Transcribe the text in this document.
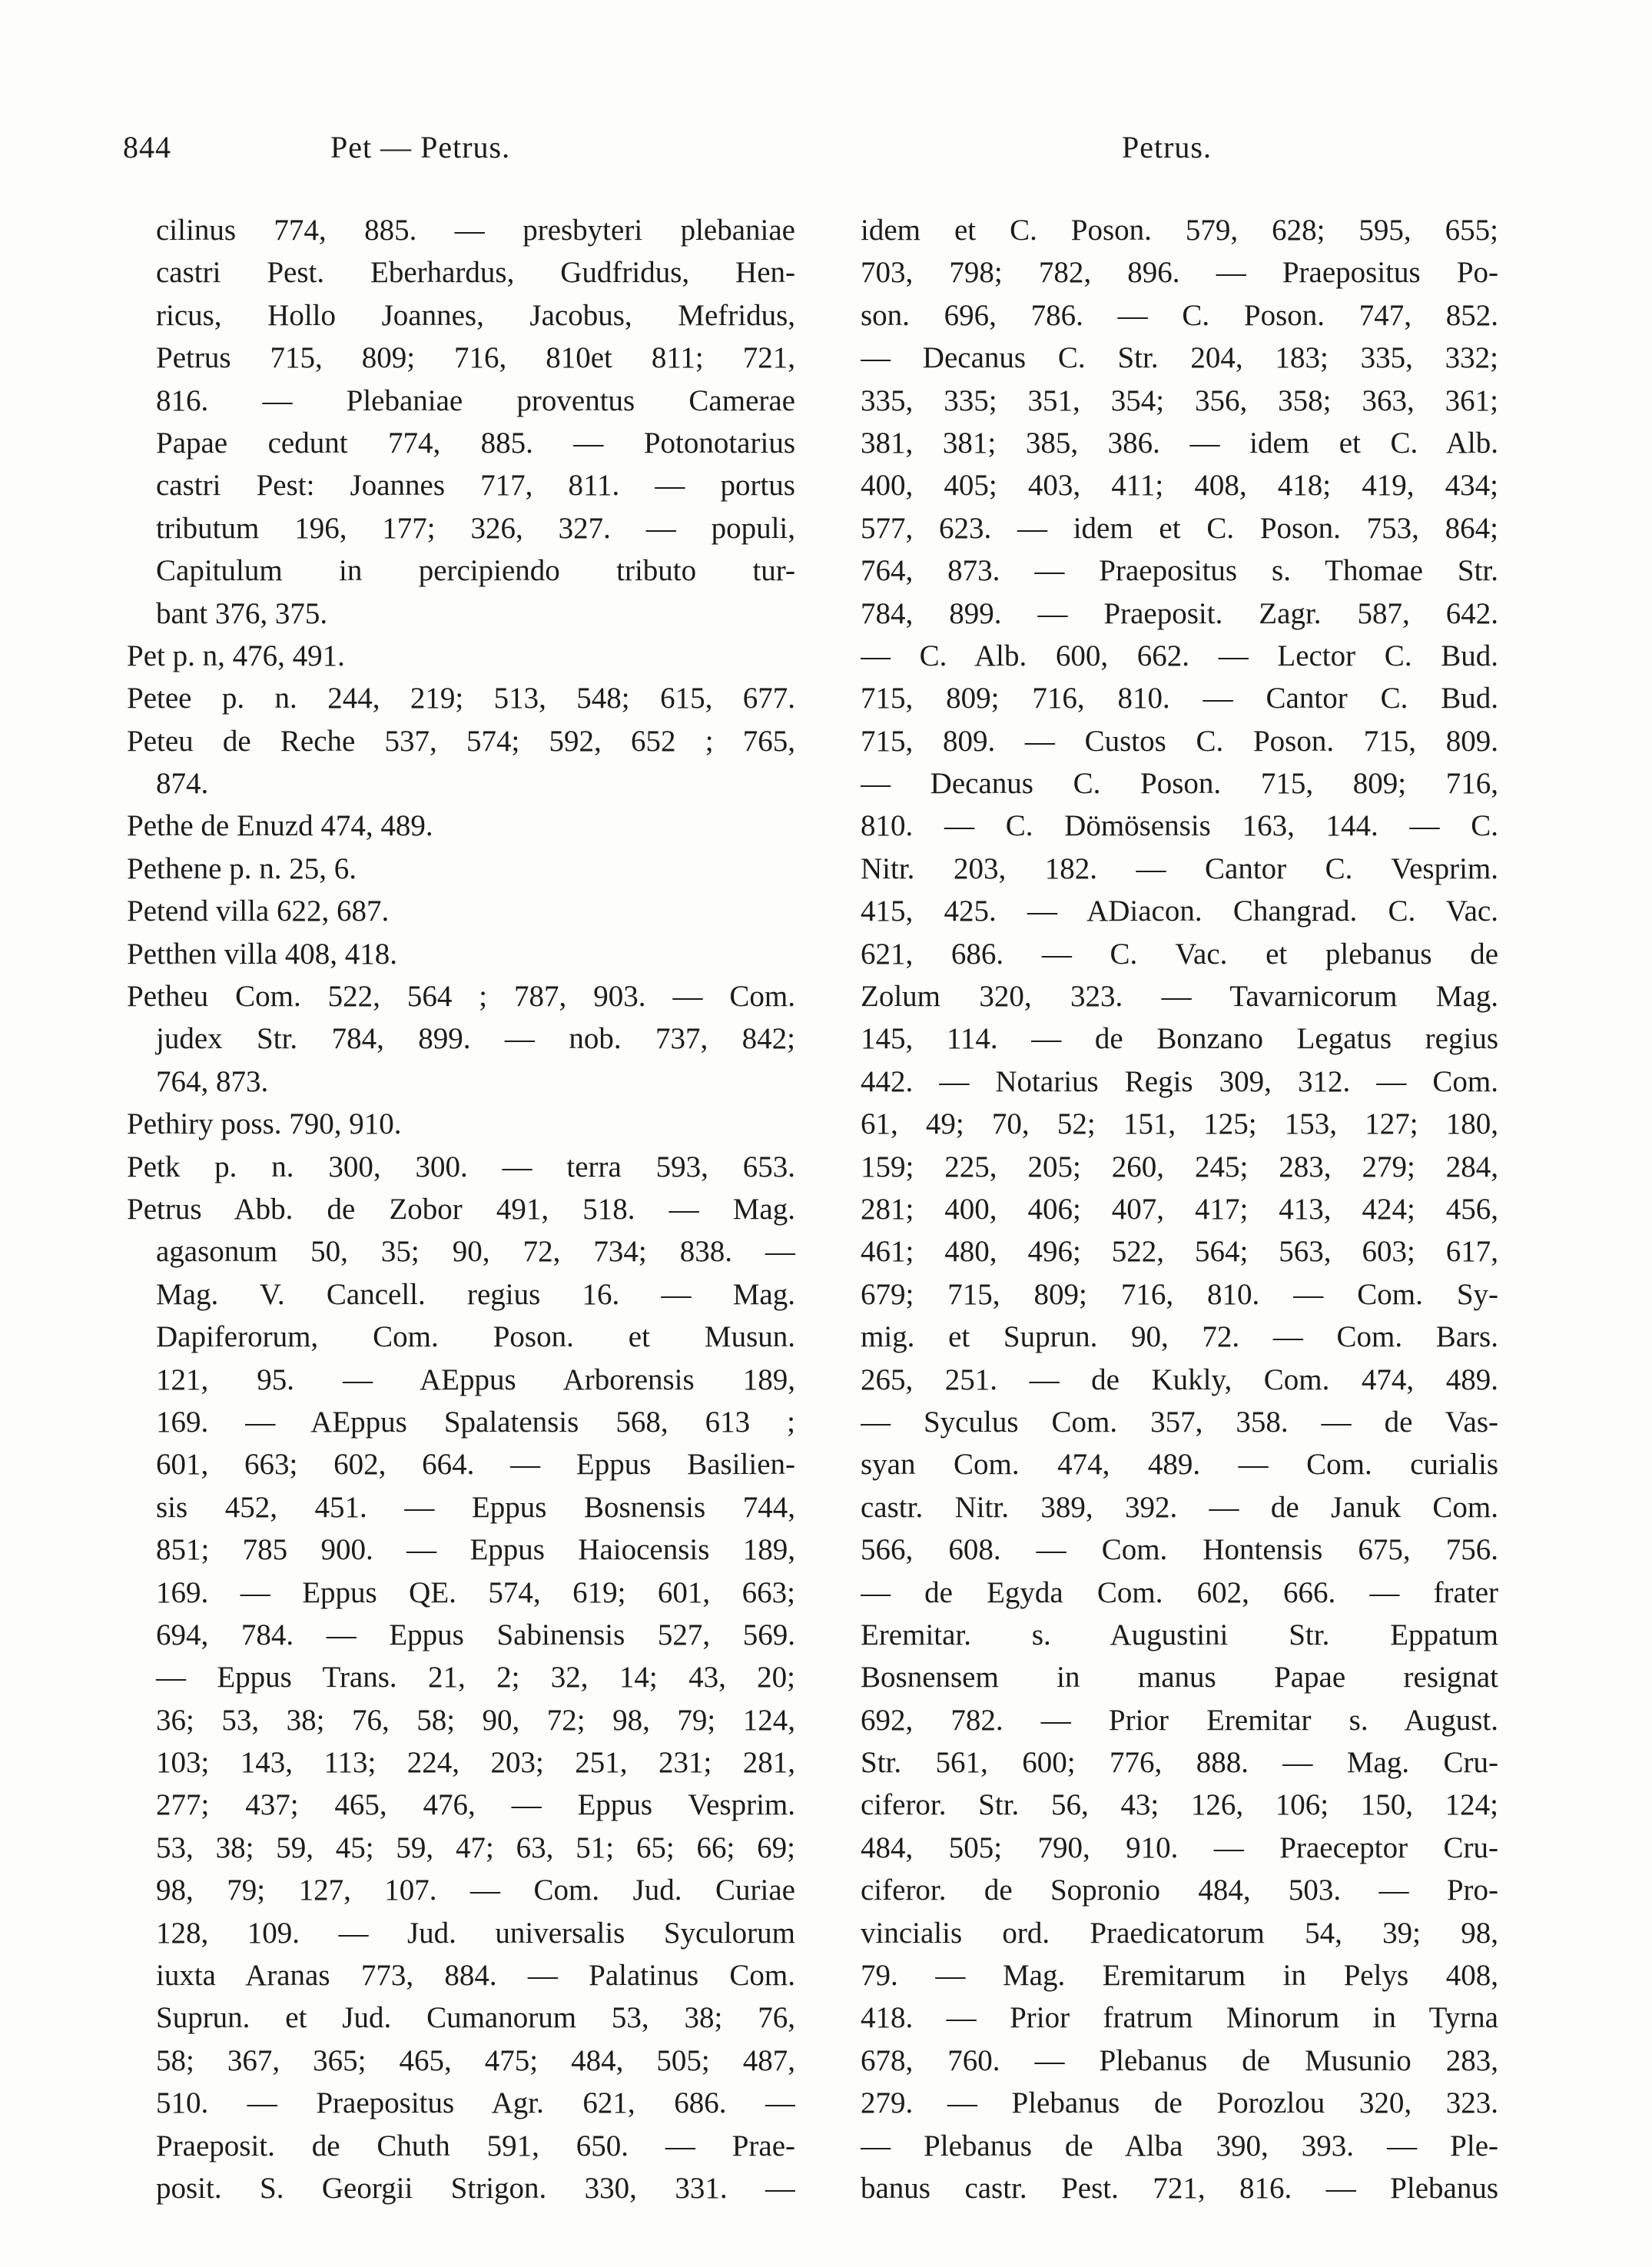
844	Pet — Petrus.	Petrus.
cilinus 774, 885. — presbyteri plebaniae
castri Pest. Eberhardus, Gudfridus, Hen-
ricus, Hollo Joannes, Jacobus, Mefridus,
Petrus 715, 809; 716, 810et 811; 721,
816. — Plebaniae proventus Camerae
Papae cedunt 774, 885. — Potonotarius
castri Pest: Joannes 717, 811. — portus
tributum 196, 177; 326, 327. — populi,
Capitulum in percipiendo tributo tur-
bant 376, 375.
Pet p. n, 476, 491.
Petee p. n. 244, 219; 513, 548; 615, 677.
Peteu de Reche 537, 574; 592, 652 ; 765,
874.
Pethe de Enuzd 474, 489.
Pethene p. n. 25, 6.
Petend villa 622, 687.
Petthen villa 408, 418.
Petheu Com. 522, 564 ; 787, 903. — Com.
judex Str. 784, 899. — nob. 737, 842;
764, 873.
Pethiry poss. 790, 910.
Petk p. n. 300, 300. — terra 593, 653.
Petrus Abb. de Zobor 491, 518. — Mag.
agasonum 50, 35; 90, 72, 734; 838. —
Mag. V. Cancell. regius 16. — Mag.
Dapiferorum, Com. Poson. et Musun.
121, 95. — AEppus Arborensis 189,
169. — AEppus Spalatensis 568, 613 ;
601, 663; 602, 664. — Eppus Basilien-
sis 452, 451. — Eppus Bosnensis 744,
851; 785 900. — Eppus Haiocensis 189,
169. — Eppus QE. 574, 619; 601, 663;
694, 784. — Eppus Sabinensis 527, 569.
— Eppus Trans. 21, 2; 32, 14; 43, 20;
36; 53, 38; 76, 58; 90, 72; 98, 79; 124,
103; 143, 113; 224, 203; 251, 231; 281,
277; 437; 465, 476, — Eppus Vesprim.
53, 38; 59, 45; 59, 47; 63, 51; 65; 66; 69;
98, 79; 127, 107. — Com. Jud. Curiae
128, 109. — Jud. universalis Syculorum
iuxta Aranas 773, 884. — Palatinus Com.
Suprun. et Jud. Cumanorum 53, 38; 76,
58; 367, 365; 465, 475; 484, 505; 487,
510. — Praepositus Agr. 621, 686. —
Praeposit. de Chuth 591, 650. — Prae-
posit. S. Georgii Strigon. 330, 331. —
idem et C. Poson. 579, 628; 595, 655;
703, 798; 782, 896. — Praepositus Po-
son. 696, 786. — C. Poson. 747, 852.
— Decanus C. Str. 204, 183; 335, 332;
335, 335; 351, 354; 356, 358; 363, 361;
381, 381; 385, 386. — idem et C. Alb.
400, 405; 403, 411; 408, 418; 419, 434;
577, 623. — idem et C. Poson. 753, 864;
764, 873. — Praepositus s. Thomae Str.
784, 899. — Praeposit. Zagr. 587, 642.
— C. Alb. 600, 662. — Lector C. Bud.
715, 809; 716, 810. — Cantor C. Bud.
715, 809. — Custos C. Poson. 715, 809.
— Decanus C. Poson. 715, 809; 716,
810. — C. Dömösensis 163, 144. — C.
Nitr. 203, 182. — Cantor C. Vesprim.
415, 425. — ADiacon. Changrad. C. Vac.
621, 686. — C. Vac. et plebanus de
Zolum 320, 323. — Tavarnicorum Mag.
145, 114. — de Bonzano Legatus regius
442. — Notarius Regis 309, 312. — Com.
61, 49; 70, 52; 151, 125; 153, 127; 180,
159; 225, 205; 260, 245; 283, 279; 284,
281; 400, 406; 407, 417; 413, 424; 456,
461; 480, 496; 522, 564; 563, 603; 617,
679; 715, 809; 716, 810. — Com. Sy-
mig. et Suprun. 90, 72. — Com. Bars.
265, 251. — de Kukly, Com. 474, 489.
— Syculus Com. 357, 358. — de Vas-
syan Com. 474, 489. — Com. curialis
castr. Nitr. 389, 392. — de Januk Com.
566, 608. — Com. Hontensis 675, 756.
— de Egyda Com. 602, 666. — frater
Eremitar. s. Augustini Str. Eppatum
Bosnensem in manus Papae resignat
692, 782. — Prior Eremitar s. August.
Str. 561, 600; 776, 888. — Mag. Cru-
ciferor. Str. 56, 43; 126, 106; 150, 124;
484, 505; 790, 910. — Praeceptor Cru-
ciferor. de Sopronio 484, 503. — Pro-
vincialis ord. Praedicatorum 54, 39; 98,
79. — Mag. Eremitarum in Pelys 408,
418. — Prior fratrum Minorum in Tyrna
678, 760. — Plebanus de Musunio 283,
279. — Plebanus de Porozlou 320, 323.
— Plebanus de Alba 390, 393. — Ple-
banus castr. Pest. 721, 816. — Plebanus
